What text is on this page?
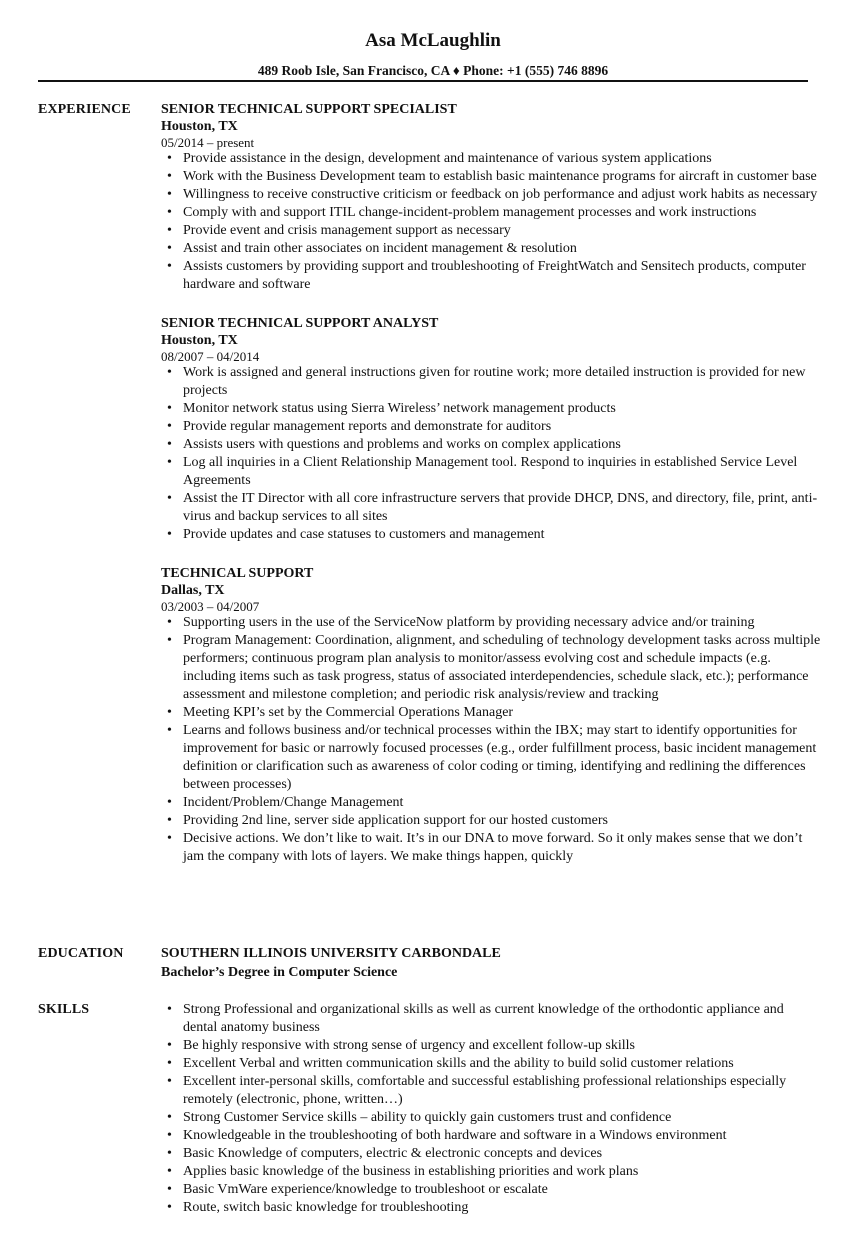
Asa McLaughlin
489 Roob Isle, San Francisco, CA ♦ Phone: +1 (555) 746 8896
EXPERIENCE SENIOR TECHNICAL SUPPORT SPECIALIST
Houston, TX
05/2014 – present
• Provide assistance in the design, development and maintenance of various system applications
• Work with the Business Development team to establish basic maintenance programs for aircraft in customer base
• Willingness to receive constructive criticism or feedback on job performance and adjust work habits as necessary
• Comply with and support ITIL change-incident-problem management processes and work instructions
• Provide event and crisis management support as necessary
• Assist and train other associates on incident management & resolution
• Assists customers by providing support and troubleshooting of FreightWatch and Sensitech products, computer hardware and software
SENIOR TECHNICAL SUPPORT ANALYST
Houston, TX
08/2007 – 04/2014
• Work is assigned and general instructions given for routine work; more detailed instruction is provided for new projects
• Monitor network status using Sierra Wireless’ network management products
• Provide regular management reports and demonstrate for auditors
• Assists users with questions and problems and works on complex applications
• Log all inquiries in a Client Relationship Management tool. Respond to inquiries in established Service Level Agreements
• Assist the IT Director with all core infrastructure servers that provide DHCP, DNS, and directory, file, print, anti-virus and backup services to all sites
• Provide updates and case statuses to customers and management
TECHNICAL SUPPORT
Dallas, TX
03/2003 – 04/2007
• Supporting users in the use of the ServiceNow platform by providing necessary advice and/or training
• Program Management: Coordination, alignment, and scheduling of technology development tasks across multiple performers; continuous program plan analysis to monitor/assess evolving cost and schedule impacts (e.g. including items such as task progress, status of associated interdependencies, schedule slack, etc.); performance assessment and milestone completion; and periodic risk analysis/review and tracking
• Meeting KPI’s set by the Commercial Operations Manager
• Learns and follows business and/or technical processes within the IBX; may start to identify opportunities for improvement for basic or narrowly focused processes (e.g., order fulfillment process, basic incident management definition or clarification such as awareness of color coding or timing, identifying and redlining the differences between processes)
• Incident/Problem/Change Management
• Providing 2nd line, server side application support for our hosted customers
• Decisive actions. We don’t like to wait. It’s in our DNA to move forward. So it only makes sense that we don’t jam the company with lots of layers. We make things happen, quickly
EDUCATION	SOUTHERN ILLINOIS UNIVERSITY CARBONDALE
Bachelor’s Degree in Computer Science
SKILLS
•	Strong Professional and organizational skills as well as current knowledge of the orthodontic appliance and dental anatomy business
• Be highly responsive with strong sense of urgency and excellent follow-up skills
• Excellent Verbal and written communication skills and the ability to build solid customer relations
• Excellent inter-personal skills, comfortable and successful establishing professional relationships especially remotely (electronic, phone, written…)
• Strong Customer Service skills – ability to quickly gain customers trust and confidence
• Knowledgeable in the troubleshooting of both hardware and software in a Windows environment
• Basic Knowledge of computers, electric & electronic concepts and devices
• Applies basic knowledge of the business in establishing priorities and work plans
• Basic VmWare experience/knowledge to troubleshoot or escalate
• Route, switch basic knowledge for troubleshooting
